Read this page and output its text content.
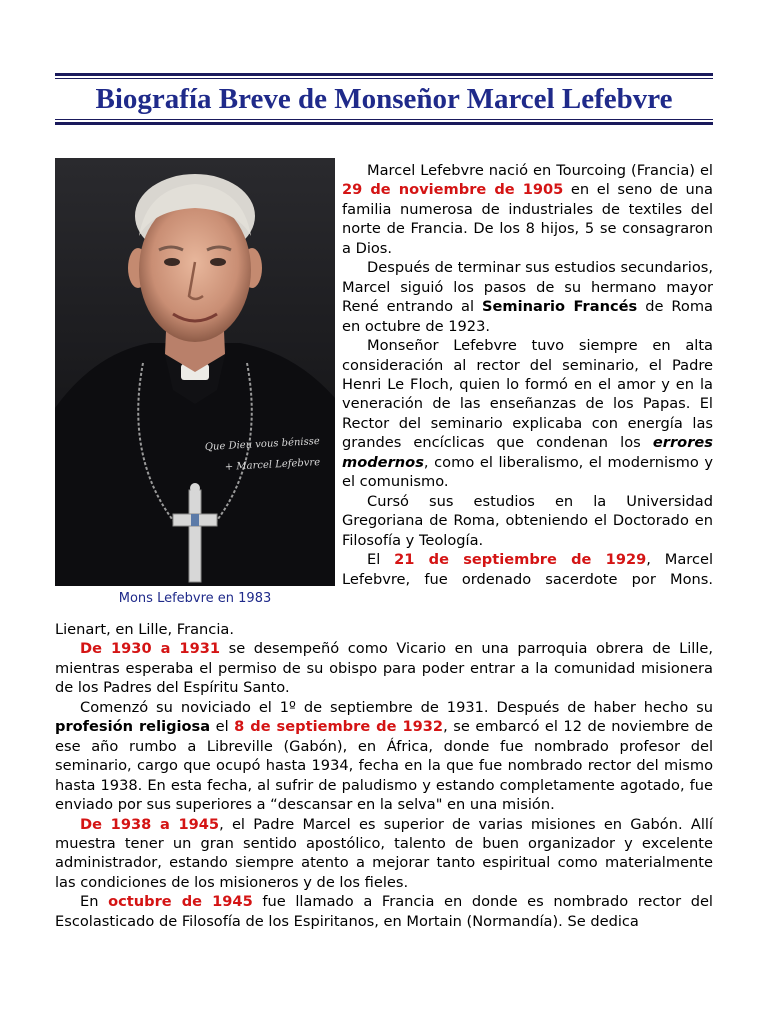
Biografía Breve de Monseñor Marcel Lefebvre
Que Dieu vous bénisse
+ Marcel Lefebvre
Mons Lefebvre en 1983

Marcel Lefebvre nació en Tourcoing (Francia) el 29 de noviembre de 1905 en el seno de una familia numerosa de industriales de textiles del norte de Francia. De los 8 hijos, 5 se consagraron a Dios.

Después de terminar sus estudios secundarios, Marcel siguió los pasos de su hermano mayor René entrando al Seminario Francés de Roma en octubre de 1923.

Monseñor Lefebvre tuvo siempre en alta consideración al rector del seminario, el Padre Henri Le Floch, quien lo formó en el amor y en la veneración de las enseñanzas de los Papas. El Rector del seminario explicaba con energía las grandes encíclicas que condenan los errores modernos, como el liberalismo, el modernismo y el comunismo.

Cursó sus estudios en la Universidad Gregoriana de Roma, obteniendo el Doctorado en Filosofía y Teología.

El 21 de septiembre de 1929, Marcel Lefebvre, fue ordenado sacerdote por Mons.

Lienart, en Lille, Francia.

De 1930 a 1931 se desempeñó como Vicario en una parroquia obrera de Lille, mientras esperaba el permiso de su obispo para poder entrar a la comunidad misionera de los Padres del Espíritu Santo.

Comenzó su noviciado el 1º de septiembre de 1931. Después de haber hecho su profesión religiosa el 8 de septiembre de 1932, se embarcó el 12 de noviembre de ese año rumbo a Libreville (Gabón), en África, donde fue nombrado profesor del seminario, cargo que ocupó hasta 1934, fecha en la que fue nombrado rector del mismo hasta 1938. En esta fecha, al sufrir de paludismo y estando completamente agotado, fue enviado por sus superiores a “descansar en la selva" en una misión.

De 1938 a 1945, el Padre Marcel es superior de varias misiones en Gabón. Allí muestra tener un gran sentido apostólico, talento de buen organizador y excelente administrador, estando siempre atento a mejorar tanto espiritual como materialmente las condiciones de los misioneros y de los fieles.

En octubre de 1945 fue llamado a Francia en donde es nombrado rector del Escolasticado de Filosofía de los Espiritanos, en Mortain (Normandía). Se dedica
